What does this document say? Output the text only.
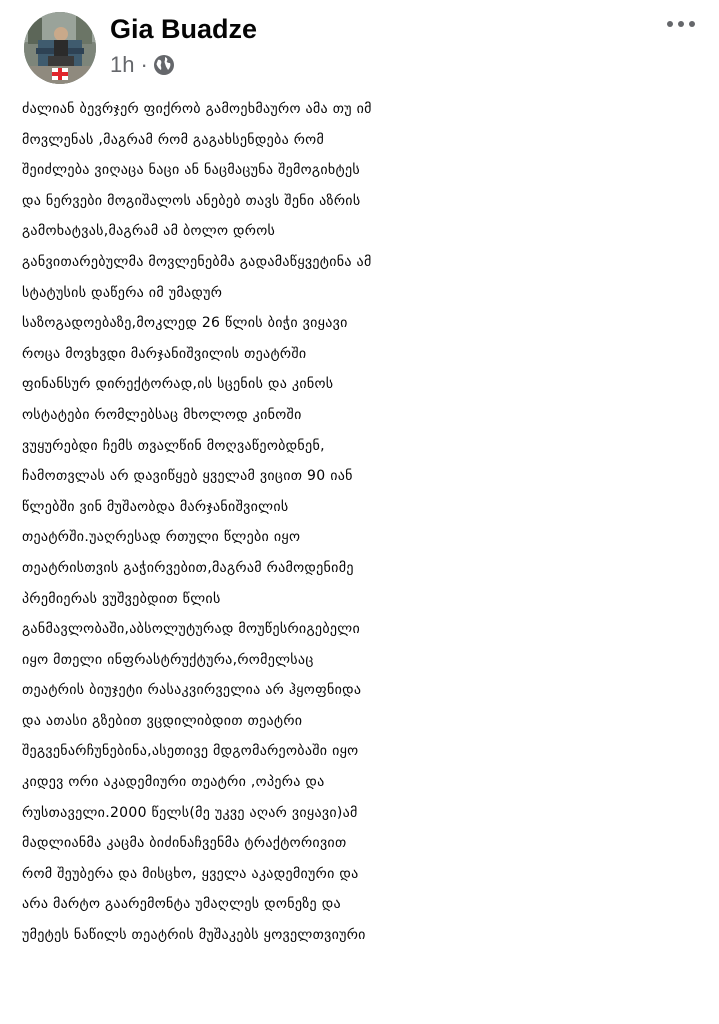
Gia Buadze
1h ·
ძალიან ბევრჯერ ფიქრობ გამოეხმაურო ამა თუ იმ
მოვლენას ,მაგრამ რომ გაგახსენდება რომ
შეიძლება ვიღაცა ნაცი ან ნაცმაცუნა შემოგიხტეს
და ნერვები მოგიშალოს ანებებ თავს შენი აზრის
გამოხატვას,მაგრამ ამ ბოლო დროს
განვითარებულმა მოვლენებმა გადამაწყვეტინა ამ
სტატუსის დაწერა იმ უმადურ
საზოგადოებაზე,მოკლედ 26 წლის ბიჭი ვიყავი
როცა მოვხვდი მარჯანიშვილის თეატრში
ფინანსურ დირექტორად,ის სცენის და კინოს
ოსტატები რომლებსაც მხოლოდ კინოში
ვუყურებდი ჩემს თვალწინ მოღვაწეობდნენ,
ჩამოთვლას არ დავიწყებ ყველამ ვიცით 90 იან
წლებში ვინ მუშაობდა მარჯანიშვილის
თეატრში.უაღრესად რთული წლები იყო
თეატრისთვის გაჭირვებით,მაგრამ რამოდენიმე
პრემიერას ვუშვებდით წლის
განმავლობაში,აბსოლუტურად მოუწესრიგებელი
იყო მთელი ინფრასტრუქტურა,რომელსაც
თეატრის ბიუჯეტი რასაკვირველია არ ჰყოფნიდა
და ათასი გზებით ვცდილიბდით თეატრი
შეგვენარჩუნებინა,ასეთივე მდგომარეობაში იყო
კიდევ ორი აკადემიური თეატრი ,ოპერა და
რუსთაველი.2000 წელს(მე უკვე აღარ ვიყავი)ამ
მადლიანმა კაცმა ბიძინაჩვენმა ტრაქტორივით
რომ შეუბერა და მისცხო, ყველა აკადემიური და
არა მარტო გაარემონტა უმაღლეს დონეზე და
უმეტეს ნაწილს თეატრის მუშაკებს ყოველთვიური
